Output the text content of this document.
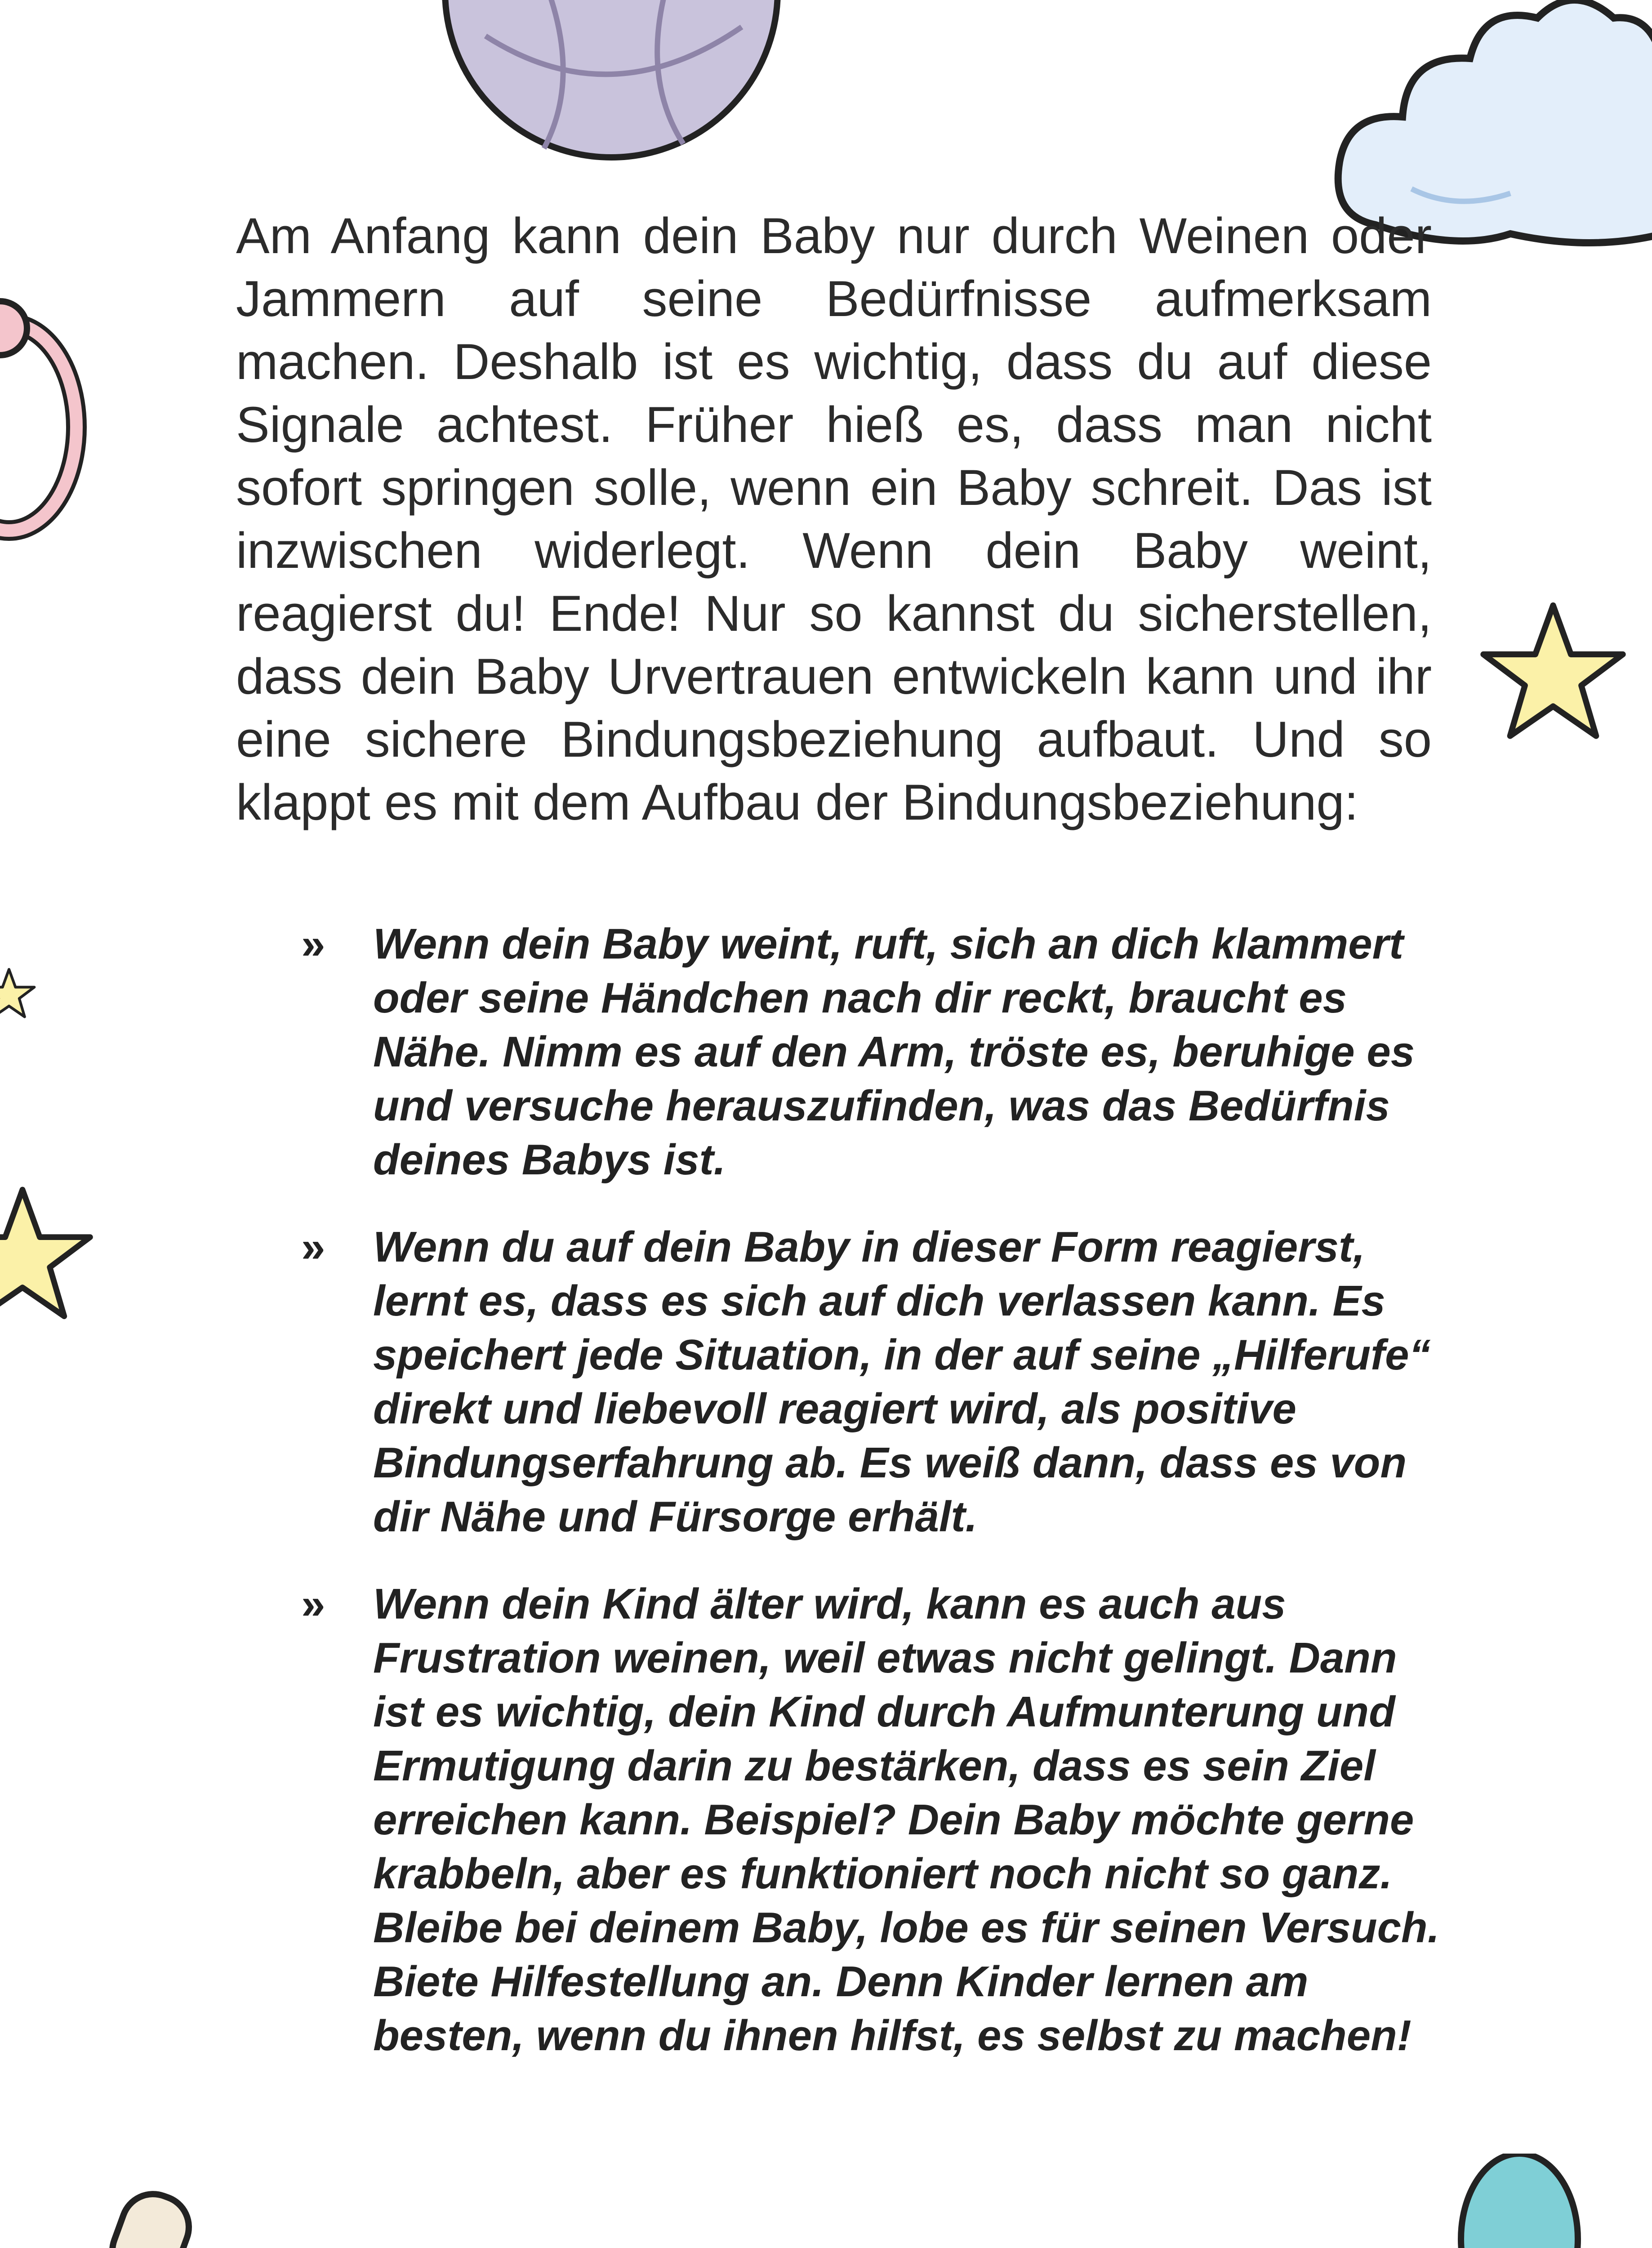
Am Anfang kann dein Baby nur durch Weinen oder Jammern auf seine Bedürfnisse aufmerksam machen. Deshalb ist es wichtig, dass du auf diese Signale achtest. Früher hieß es, dass man nicht sofort springen solle, wenn ein Baby schreit. Das ist inzwischen widerlegt. Wenn dein Baby weint, reagierst du! Ende! Nur so kannst du sicherstellen, dass dein Baby Urvertrauen entwickeln kann und ihr eine sichere Bindungsbeziehung aufbaut. Und so klappt es mit dem Aufbau der Bindungsbeziehung:

» Wenn dein Baby weint, ruft, sich an dich klammert oder seine Händchen nach dir reckt, braucht es Nähe. Nimm es auf den Arm, tröste es, beruhige es und versuche herauszufinden, was das Bedürfnis deines Babys ist.
» Wenn du auf dein Baby in dieser Form reagierst, lernt es, dass es sich auf dich verlassen kann. Es speichert jede Situation, in der auf seine „Hilferufe“ direkt und liebevoll reagiert wird, als positive Bindungserfahrung ab. Es weiß dann, dass es von dir Nähe und Fürsorge erhält.
» Wenn dein Kind älter wird, kann es auch aus Frustration weinen, weil etwas nicht gelingt. Dann ist es wichtig, dein Kind durch Aufmunterung und Ermutigung darin zu bestärken, dass es sein Ziel erreichen kann. Beispiel? Dein Baby möchte gerne krabbeln, aber es funktioniert noch nicht so ganz. Bleibe bei deinem Baby, lobe es für seinen Versuch. Biete Hilfestellung an. Denn Kinder lernen am besten, wenn du ihnen hilfst, es selbst zu machen!
